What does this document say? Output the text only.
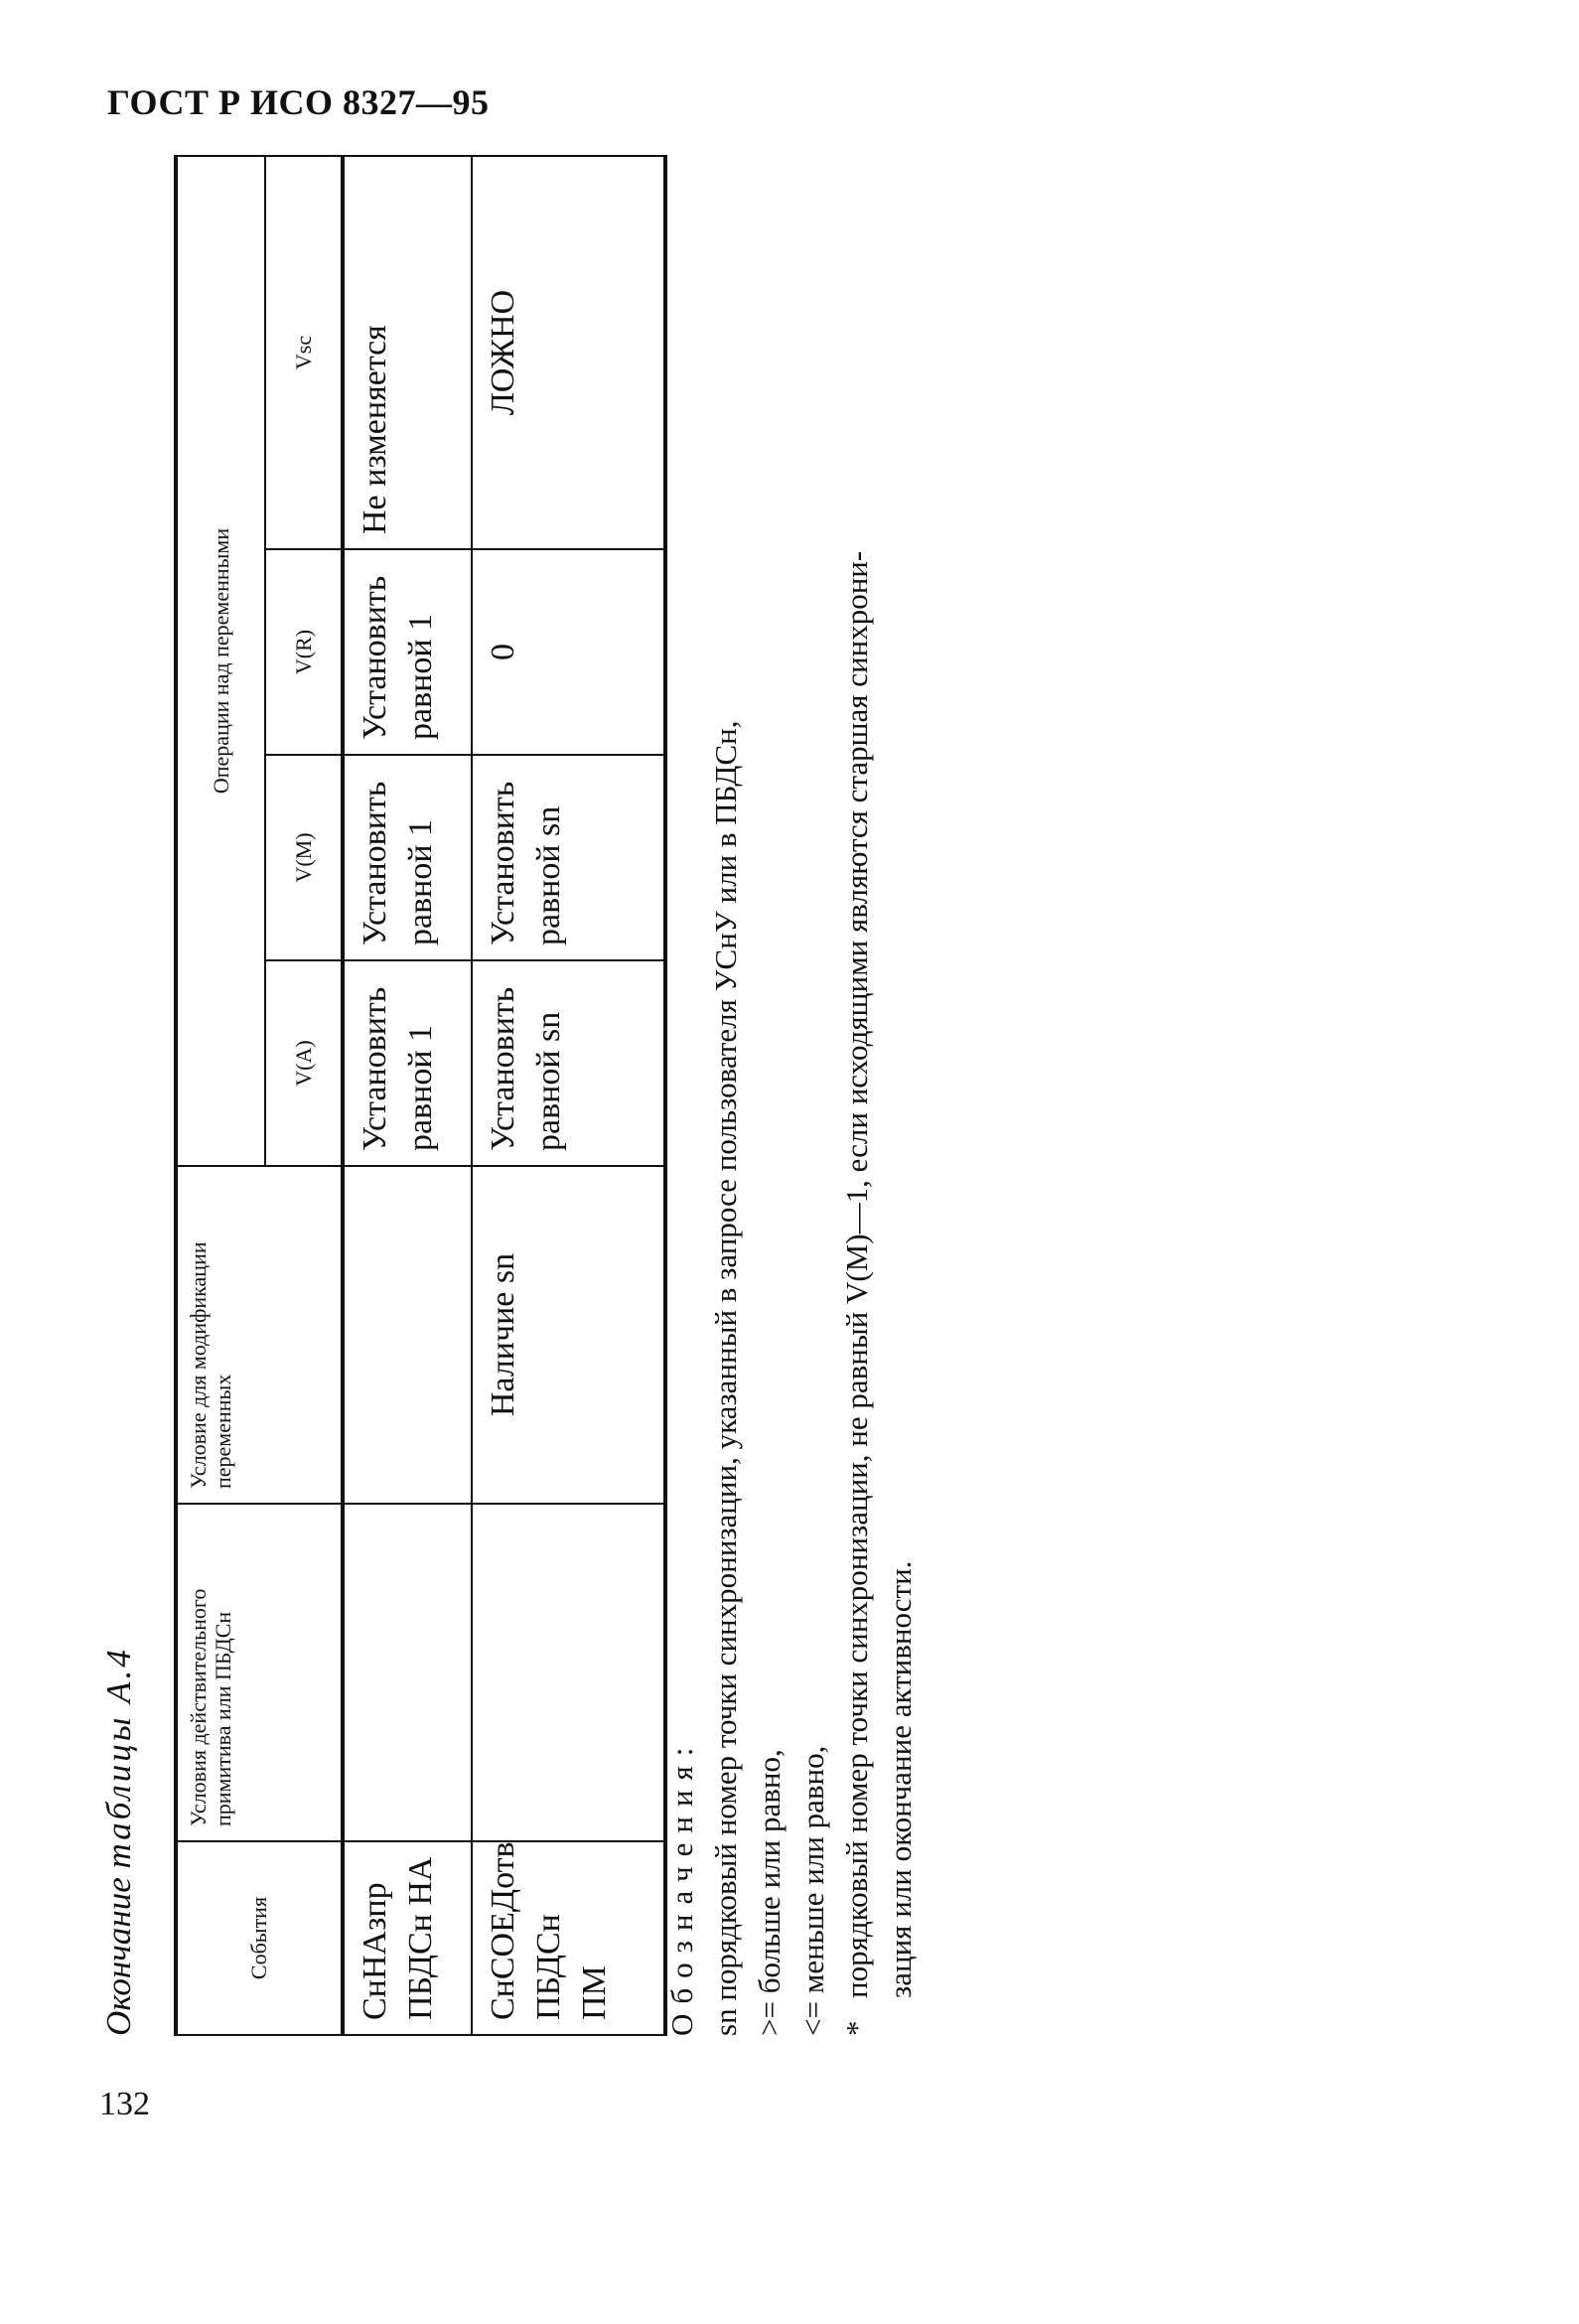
ГОСТ Р ИСО 8327—95
132
Окончание таблицы А.4
События	Условия действительного примитива или ПБДСн	Условие для модификации переменных	Операции над переменными			
			V(A)	V(M)	V(R)	Vsc
СнНАзпр ПБДСн НА			Установить равной 1	Установить равной 1	Установить равной 1	Не изменяется
СнСОЕДотв ПБДСн ПМ		Наличие sn	Установить равной sn	Установить равной sn	0	ЛОЖНО
Обозначения: sn порядковый номер точки синхронизации, указанный в запросе пользователя УСнУ или в ПБДСн, >= больше или равно, <= меньше или равно, *
порядковый номер точки синхронизации, не равный V(M)—1, если исходящими являются старшая синхрони- зация или окончание активности.
